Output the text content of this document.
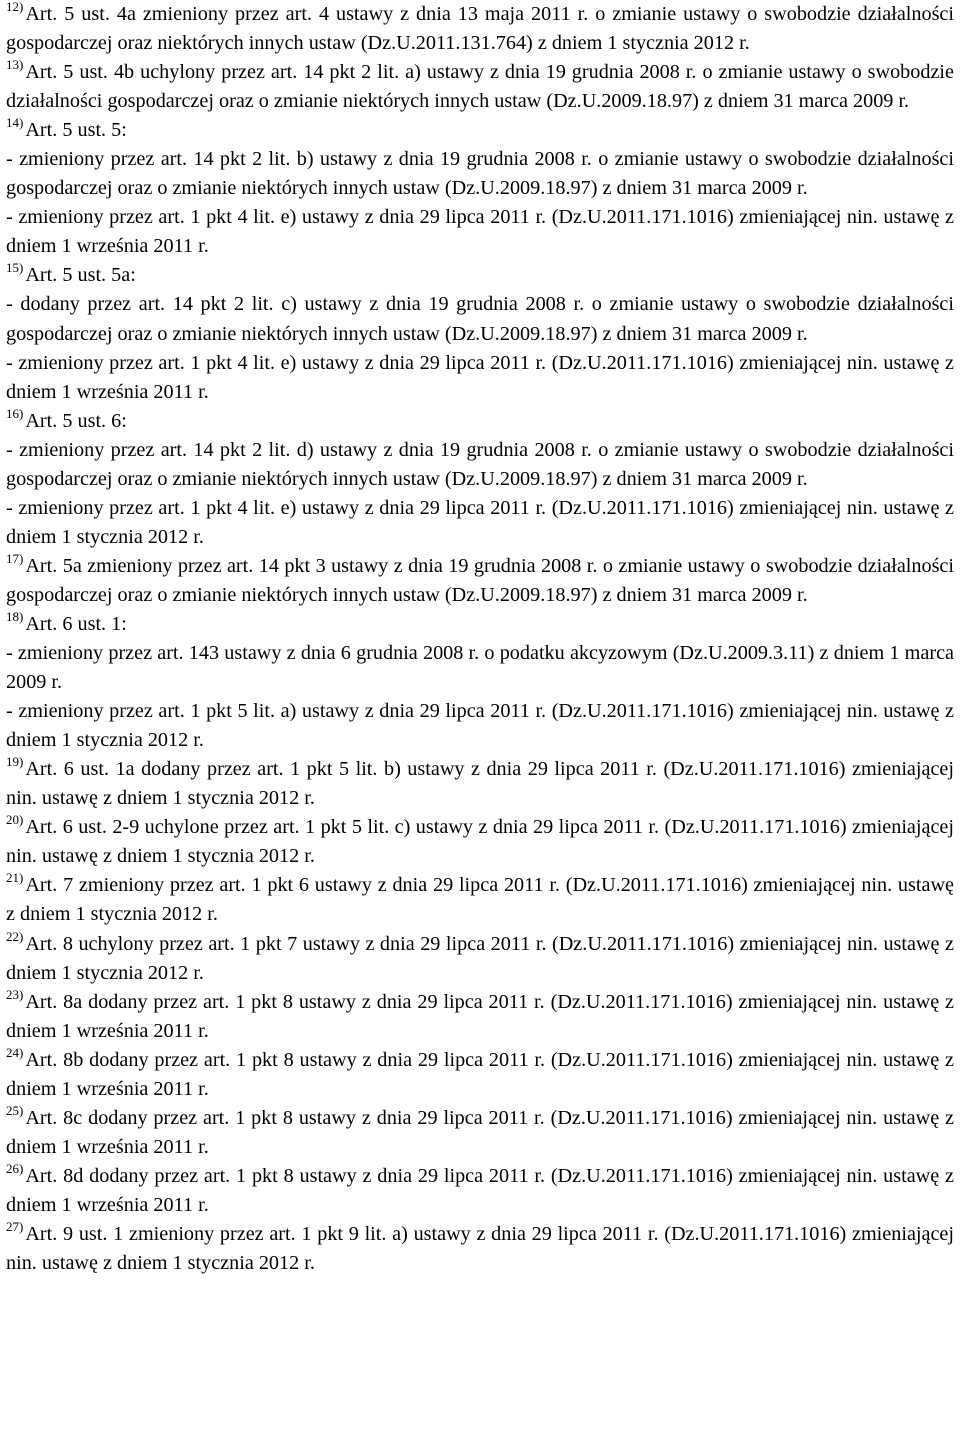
$^{12)}$Art. 5 ust. 4a zmieniony przez art. 4 ustawy z dnia 13 maja 2011 r. o zmianie ustawy o swobodzie działalności gospodarczej oraz niektórych innych ustaw (Dz.U.2011.131.764) z dniem 1 stycznia 2012 r.

$^{13)}$Art. 5 ust. 4b uchylony przez art. 14 pkt 2 lit. a) ustawy z dnia 19 grudnia 2008 r. o zmianie ustawy o swobodzie działalności gospodarczej oraz o zmianie niektórych innych ustaw (Dz.U.2009.18.97) z dniem 31 marca 2009 r.

$^{14)}$Art. 5 ust. 5:

- zmieniony przez art. 14 pkt 2 lit. b) ustawy z dnia 19 grudnia 2008 r. o zmianie ustawy o swobodzie działalności gospodarczej oraz o zmianie niektórych innych ustaw (Dz.U.2009.18.97) z dniem 31 marca 2009 r.

- zmieniony przez art. 1 pkt 4 lit. e) ustawy z dnia 29 lipca 2011 r. (Dz.U.2011.171.1016) zmieniającej nin. ustawę z dniem 1 września 2011 r.

$^{15)}$Art. 5 ust. 5a:

- dodany przez art. 14 pkt 2 lit. c) ustawy z dnia 19 grudnia 2008 r. o zmianie ustawy o swobodzie działalności gospodarczej oraz o zmianie niektórych innych ustaw (Dz.U.2009.18.97) z dniem 31 marca 2009 r.

- zmieniony przez art. 1 pkt 4 lit. e) ustawy z dnia 29 lipca 2011 r. (Dz.U.2011.171.1016) zmieniającej nin. ustawę z dniem 1 września 2011 r.

$^{16)}$Art. 5 ust. 6:

- zmieniony przez art. 14 pkt 2 lit. d) ustawy z dnia 19 grudnia 2008 r. o zmianie ustawy o swobodzie działalności gospodarczej oraz o zmianie niektórych innych ustaw (Dz.U.2009.18.97) z dniem 31 marca 2009 r.

- zmieniony przez art. 1 pkt 4 lit. e) ustawy z dnia 29 lipca 2011 r. (Dz.U.2011.171.1016) zmieniającej nin. ustawę z dniem 1 stycznia 2012 r.

$^{17)}$Art. 5a zmieniony przez art. 14 pkt 3 ustawy z dnia 19 grudnia 2008 r. o zmianie ustawy o swobodzie działalności gospodarczej oraz o zmianie niektórych innych ustaw (Dz.U.2009.18.97) z dniem 31 marca 2009 r.

$^{18)}$Art. 6 ust. 1:

- zmieniony przez art. 143 ustawy z dnia 6 grudnia 2008 r. o podatku akcyzowym (Dz.U.2009.3.11) z dniem 1 marca 2009 r.

- zmieniony przez art. 1 pkt 5 lit. a) ustawy z dnia 29 lipca 2011 r. (Dz.U.2011.171.1016) zmieniającej nin. ustawę z dniem 1 stycznia 2012 r.

$^{19)}$Art. 6 ust. 1a dodany przez art. 1 pkt 5 lit. b) ustawy z dnia 29 lipca 2011 r. (Dz.U.2011.171.1016) zmieniającej nin. ustawę z dniem 1 stycznia 2012 r.

$^{20)}$Art. 6 ust. 2-9 uchylone przez art. 1 pkt 5 lit. c) ustawy z dnia 29 lipca 2011 r. (Dz.U.2011.171.1016) zmieniającej nin. ustawę z dniem 1 stycznia 2012 r.

$^{21)}$Art. 7 zmieniony przez art. 1 pkt 6 ustawy z dnia 29 lipca 2011 r. (Dz.U.2011.171.1016) zmieniającej nin. ustawę z dniem 1 stycznia 2012 r.

$^{22)}$Art. 8 uchylony przez art. 1 pkt 7 ustawy z dnia 29 lipca 2011 r. (Dz.U.2011.171.1016) zmieniającej nin. ustawę z dniem 1 stycznia 2012 r.

$^{23)}$Art. 8a dodany przez art. 1 pkt 8 ustawy z dnia 29 lipca 2011 r. (Dz.U.2011.171.1016) zmieniającej nin. ustawę z dniem 1 września 2011 r.

$^{24)}$Art. 8b dodany przez art. 1 pkt 8 ustawy z dnia 29 lipca 2011 r. (Dz.U.2011.171.1016) zmieniającej nin. ustawę z dniem 1 września 2011 r.

$^{25)}$Art. 8c dodany przez art. 1 pkt 8 ustawy z dnia 29 lipca 2011 r. (Dz.U.2011.171.1016) zmieniającej nin. ustawę z dniem 1 września 2011 r.

$^{26)}$Art. 8d dodany przez art. 1 pkt 8 ustawy z dnia 29 lipca 2011 r. (Dz.U.2011.171.1016) zmieniającej nin. ustawę z dniem 1 września 2011 r.

$^{27)}$Art. 9 ust. 1 zmieniony przez art. 1 pkt 9 lit. a) ustawy z dnia 29 lipca 2011 r. (Dz.U.2011.171.1016) zmieniającej nin. ustawę z dniem 1 stycznia 2012 r.
